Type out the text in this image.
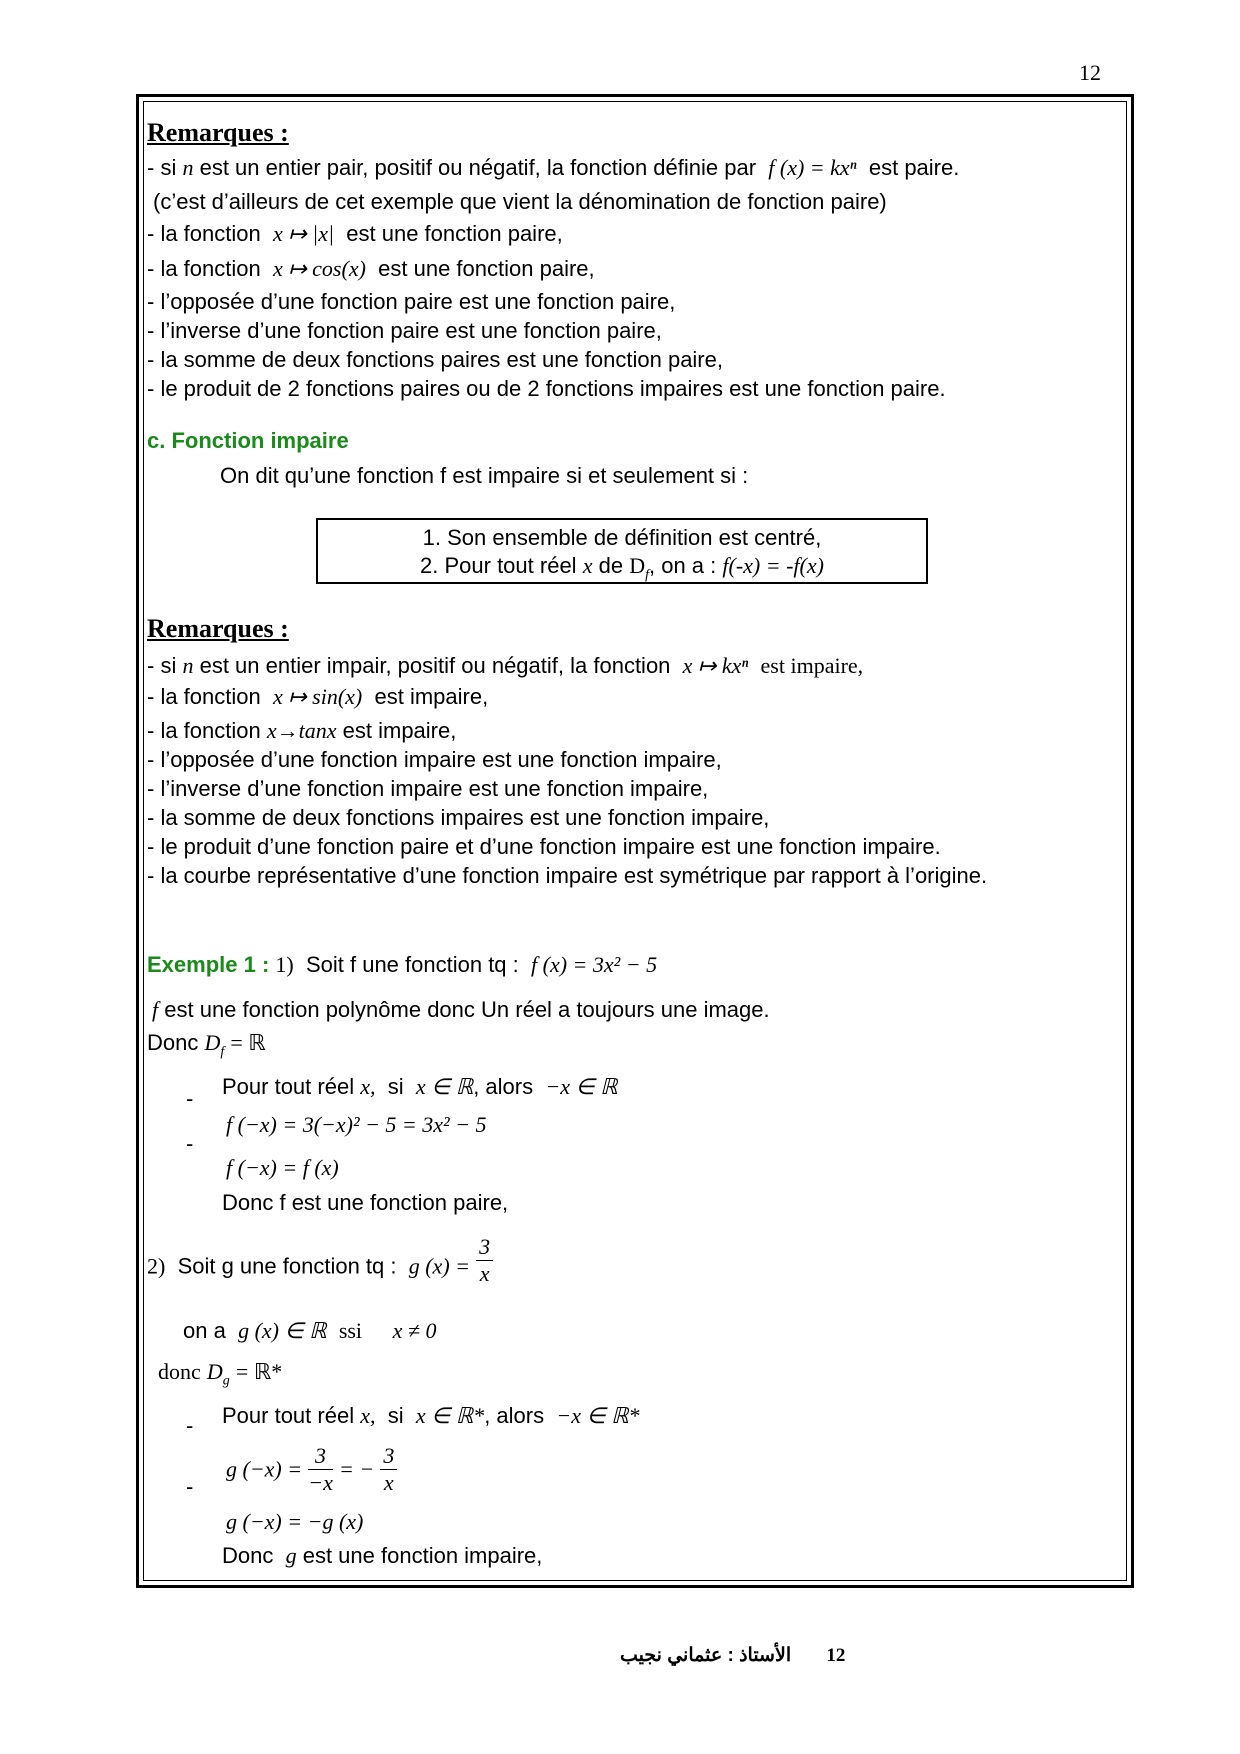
12
Remarques :
- si n est un entier pair, positif ou négatif, la fonction définie par f (x) = kxⁿ est paire.
(c’est d’ailleurs de cet exemple que vient la dénomination de fonction paire)
- la fonction x ↦ |x| est une fonction paire,
- la fonction x ↦ cos(x) est une fonction paire,
- l’opposée d’une fonction paire est une fonction paire,
- l’inverse d’une fonction paire est une fonction paire,
- la somme de deux fonctions paires est une fonction paire,
- le produit de 2 fonctions paires ou de 2 fonctions impaires est une fonction paire.
c. Fonction impaire
On dit qu’une fonction f est impaire si et seulement si :
1. Son ensemble de définition est centré,
2. Pour tout réel x de $D_f$, on a : f(-x) = -f(x)
Remarques :
- si n est un entier impair, positif ou négatif, la fonction x ↦ kxⁿ est impaire,
- la fonction x ↦ sin(x) est impaire,
- la fonction x→tanx est impaire,
- l’opposée d’une fonction impaire est une fonction impaire,
- l’inverse d’une fonction impaire est une fonction impaire,
- la somme de deux fonctions impaires est une fonction impaire,
- le produit d’une fonction paire et d’une fonction impaire est une fonction impaire.
- la courbe représentative d’une fonction impaire est symétrique par rapport à l’origine.
Exemple 1 : 1) Soit f une fonction tq : f (x) = 3x² − 5
f est une fonction polynôme donc Un réel a toujours une image.
Donc $D_f$ = ℝ
- Pour tout réel x, si x ∈ ℝ, alors −x ∈ ℝ
-
f (−x) = 3(−x)² − 5 = 3x² − 5
f (−x) = f (x)
Donc f est une fonction paire,
2) Soit g une fonction tq : g $(x) = \frac{3}{x}$
on a g (x) ∈ ℝ ssi x ≠ 0
donc $D_g$ = ℝ*
- Pour tout réel x, si x ∈ ℝ*, alors −x ∈ ℝ*
-
g $(-x) = \frac{3}{-x}$ = − $\frac{3}{x}$
g (−x) = −g (x)
Donc g est une fonction impaire,
الأستاذ : عثماني نجيب 12
